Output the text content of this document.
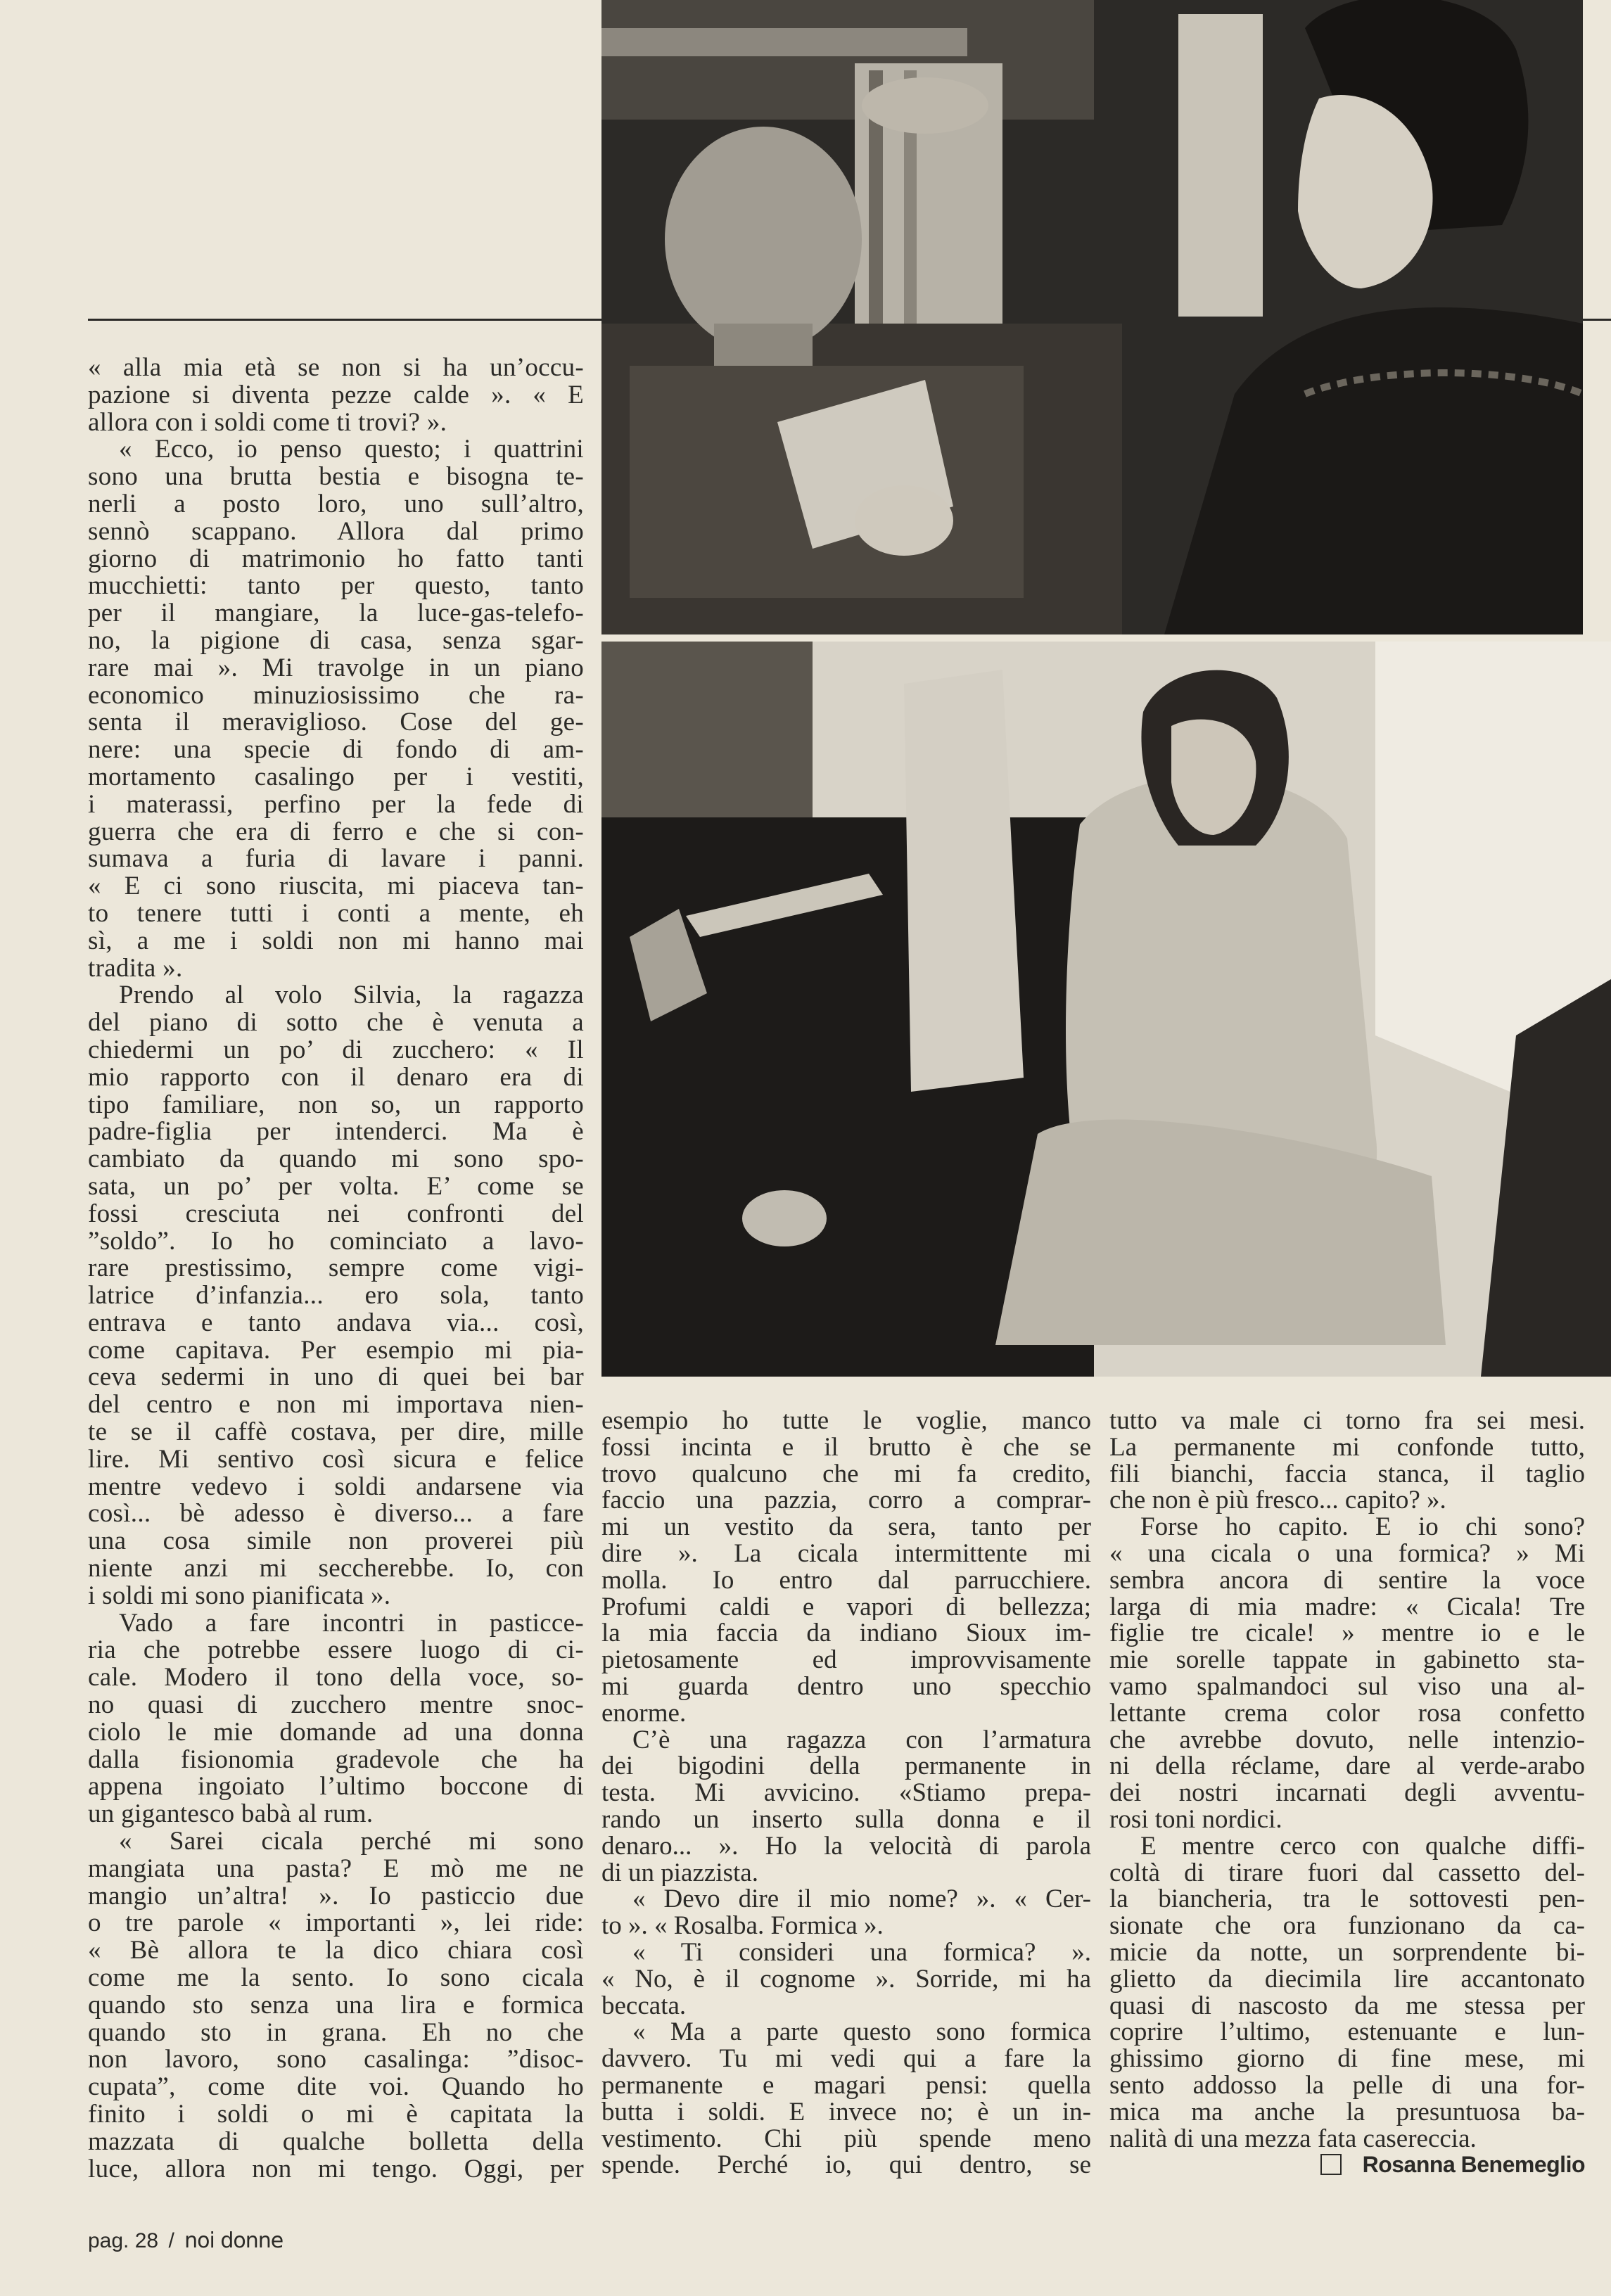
« alla mia età se non si ha un’occu-
pazione si diventa pezze calde ». « E
allora con i soldi come ti trovi? ».
« Ecco, io penso questo; i quattrini
sono una brutta bestia e bisogna te-
nerli a posto loro, uno sull’altro,
sennò scappano. Allora dal primo
giorno di matrimonio ho fatto tanti
mucchietti: tanto per questo, tanto
per il mangiare, la luce-gas-telefo-
no, la pigione di casa, senza sgar-
rare mai ». Mi travolge in un piano
economico minuziosissimo che ra-
senta il meraviglioso. Cose del ge-
nere: una specie di fondo di am-
mortamento casalingo per i vestiti,
i materassi, perfino per la fede di
guerra che era di ferro e che si con-
sumava a furia di lavare i panni.
« E ci sono riuscita, mi piaceva tan-
to tenere tutti i conti a mente, eh
sì, a me i soldi non mi hanno mai
tradita ».
Prendo al volo Silvia, la ragazza
del piano di sotto che è venuta a
chiedermi un po’ di zucchero: « Il
mio rapporto con il denaro era di
tipo familiare, non so, un rapporto
padre-figlia per intenderci. Ma è
cambiato da quando mi sono spo-
sata, un po’ per volta. E’ come se
fossi cresciuta nei confronti del
”soldo”. Io ho cominciato a lavo-
rare prestissimo, sempre come vigi-
latrice d’infanzia... ero sola, tanto
entrava e tanto andava via... così,
come capitava. Per esempio mi pia-
ceva sedermi in uno di quei bei bar
del centro e non mi importava nien-
te se il caffè costava, per dire, mille
lire. Mi sentivo così sicura e felice
mentre vedevo i soldi andarsene via
così... bè adesso è diverso... a fare
una cosa simile non proverei più
niente anzi mi seccherebbe. Io, con
i soldi mi sono pianificata ».
Vado a fare incontri in pasticce-
ria che potrebbe essere luogo di ci-
cale. Modero il tono della voce, so-
no quasi di zucchero mentre snoc-
ciolo le mie domande ad una donna
dalla fisionomia gradevole che ha
appena ingoiato l’ultimo boccone di
un gigantesco babà al rum.
« Sarei cicala perché mi sono
mangiata una pasta? E mò me ne
mangio un’altra! ». Io pasticcio due
o tre parole « importanti », lei ride:
« Bè allora te la dico chiara così
come me la sento. Io sono cicala
quando sto senza una lira e formica
quando sto in grana. Eh no che
non lavoro, sono casalinga: ”disoc-
cupata”, come dite voi. Quando ho
finito i soldi o mi è capitata la
mazzata di qualche bolletta della
luce, allora non mi tengo. Oggi, per
esempio ho tutte le voglie, manco
fossi incinta e il brutto è che se
trovo qualcuno che mi fa credito,
faccio una pazzia, corro a comprar-
mi un vestito da sera, tanto per
dire ». La cicala intermittente mi
molla. Io entro dal parrucchiere.
Profumi caldi e vapori di bellezza;
la mia faccia da indiano Sioux im-
pietosamente ed improvvisamente
mi guarda dentro uno specchio
enorme.
C’è una ragazza con l’armatura
dei bigodini della permanente in
testa. Mi avvicino. «Stiamo prepa-
rando un inserto sulla donna e il
denaro... ». Ho la velocità di parola
di un piazzista.
« Devo dire il mio nome? ». « Cer-
to ». « Rosalba. Formica ».
« Ti consideri una formica? ».
« No, è il cognome ». Sorride, mi ha
beccata.
« Ma a parte questo sono formica
davvero. Tu mi vedi qui a fare la
permanente e magari pensi: quella
butta i soldi. E invece no; è un in-
vestimento. Chi più spende meno
spende. Perché io, qui dentro, se
tutto va male ci torno fra sei mesi.
La permanente mi confonde tutto,
fili bianchi, faccia stanca, il taglio
che non è più fresco... capito? ».
Forse ho capito. E io chi sono?
« una cicala o una formica? » Mi
sembra ancora di sentire la voce
larga di mia madre: « Cicala! Tre
figlie tre cicale! » mentre io e le
mie sorelle tappate in gabinetto sta-
vamo spalmandoci sul viso una al-
lettante crema color rosa confetto
che avrebbe dovuto, nelle intenzio-
ni della réclame, dare al verde-arabo
dei nostri incarnati degli avventu-
rosi toni nordici.
E mentre cerco con qualche diffi-
coltà di tirare fuori dal cassetto del-
la biancheria, tra le sottovesti pen-
sionate che ora funzionano da ca-
micie da notte, un sorprendente bi-
glietto da diecimila lire accantonato
quasi di nascosto da me stessa per
coprire l’ultimo, estenuante e lun-
ghissimo giorno di fine mese, mi
sento addosso la pelle di una for-
mica ma anche la presuntuosa ba-
nalità di una mezza fata casereccia.
Rosanna Benemeglio
pag. 28 / noi donne
